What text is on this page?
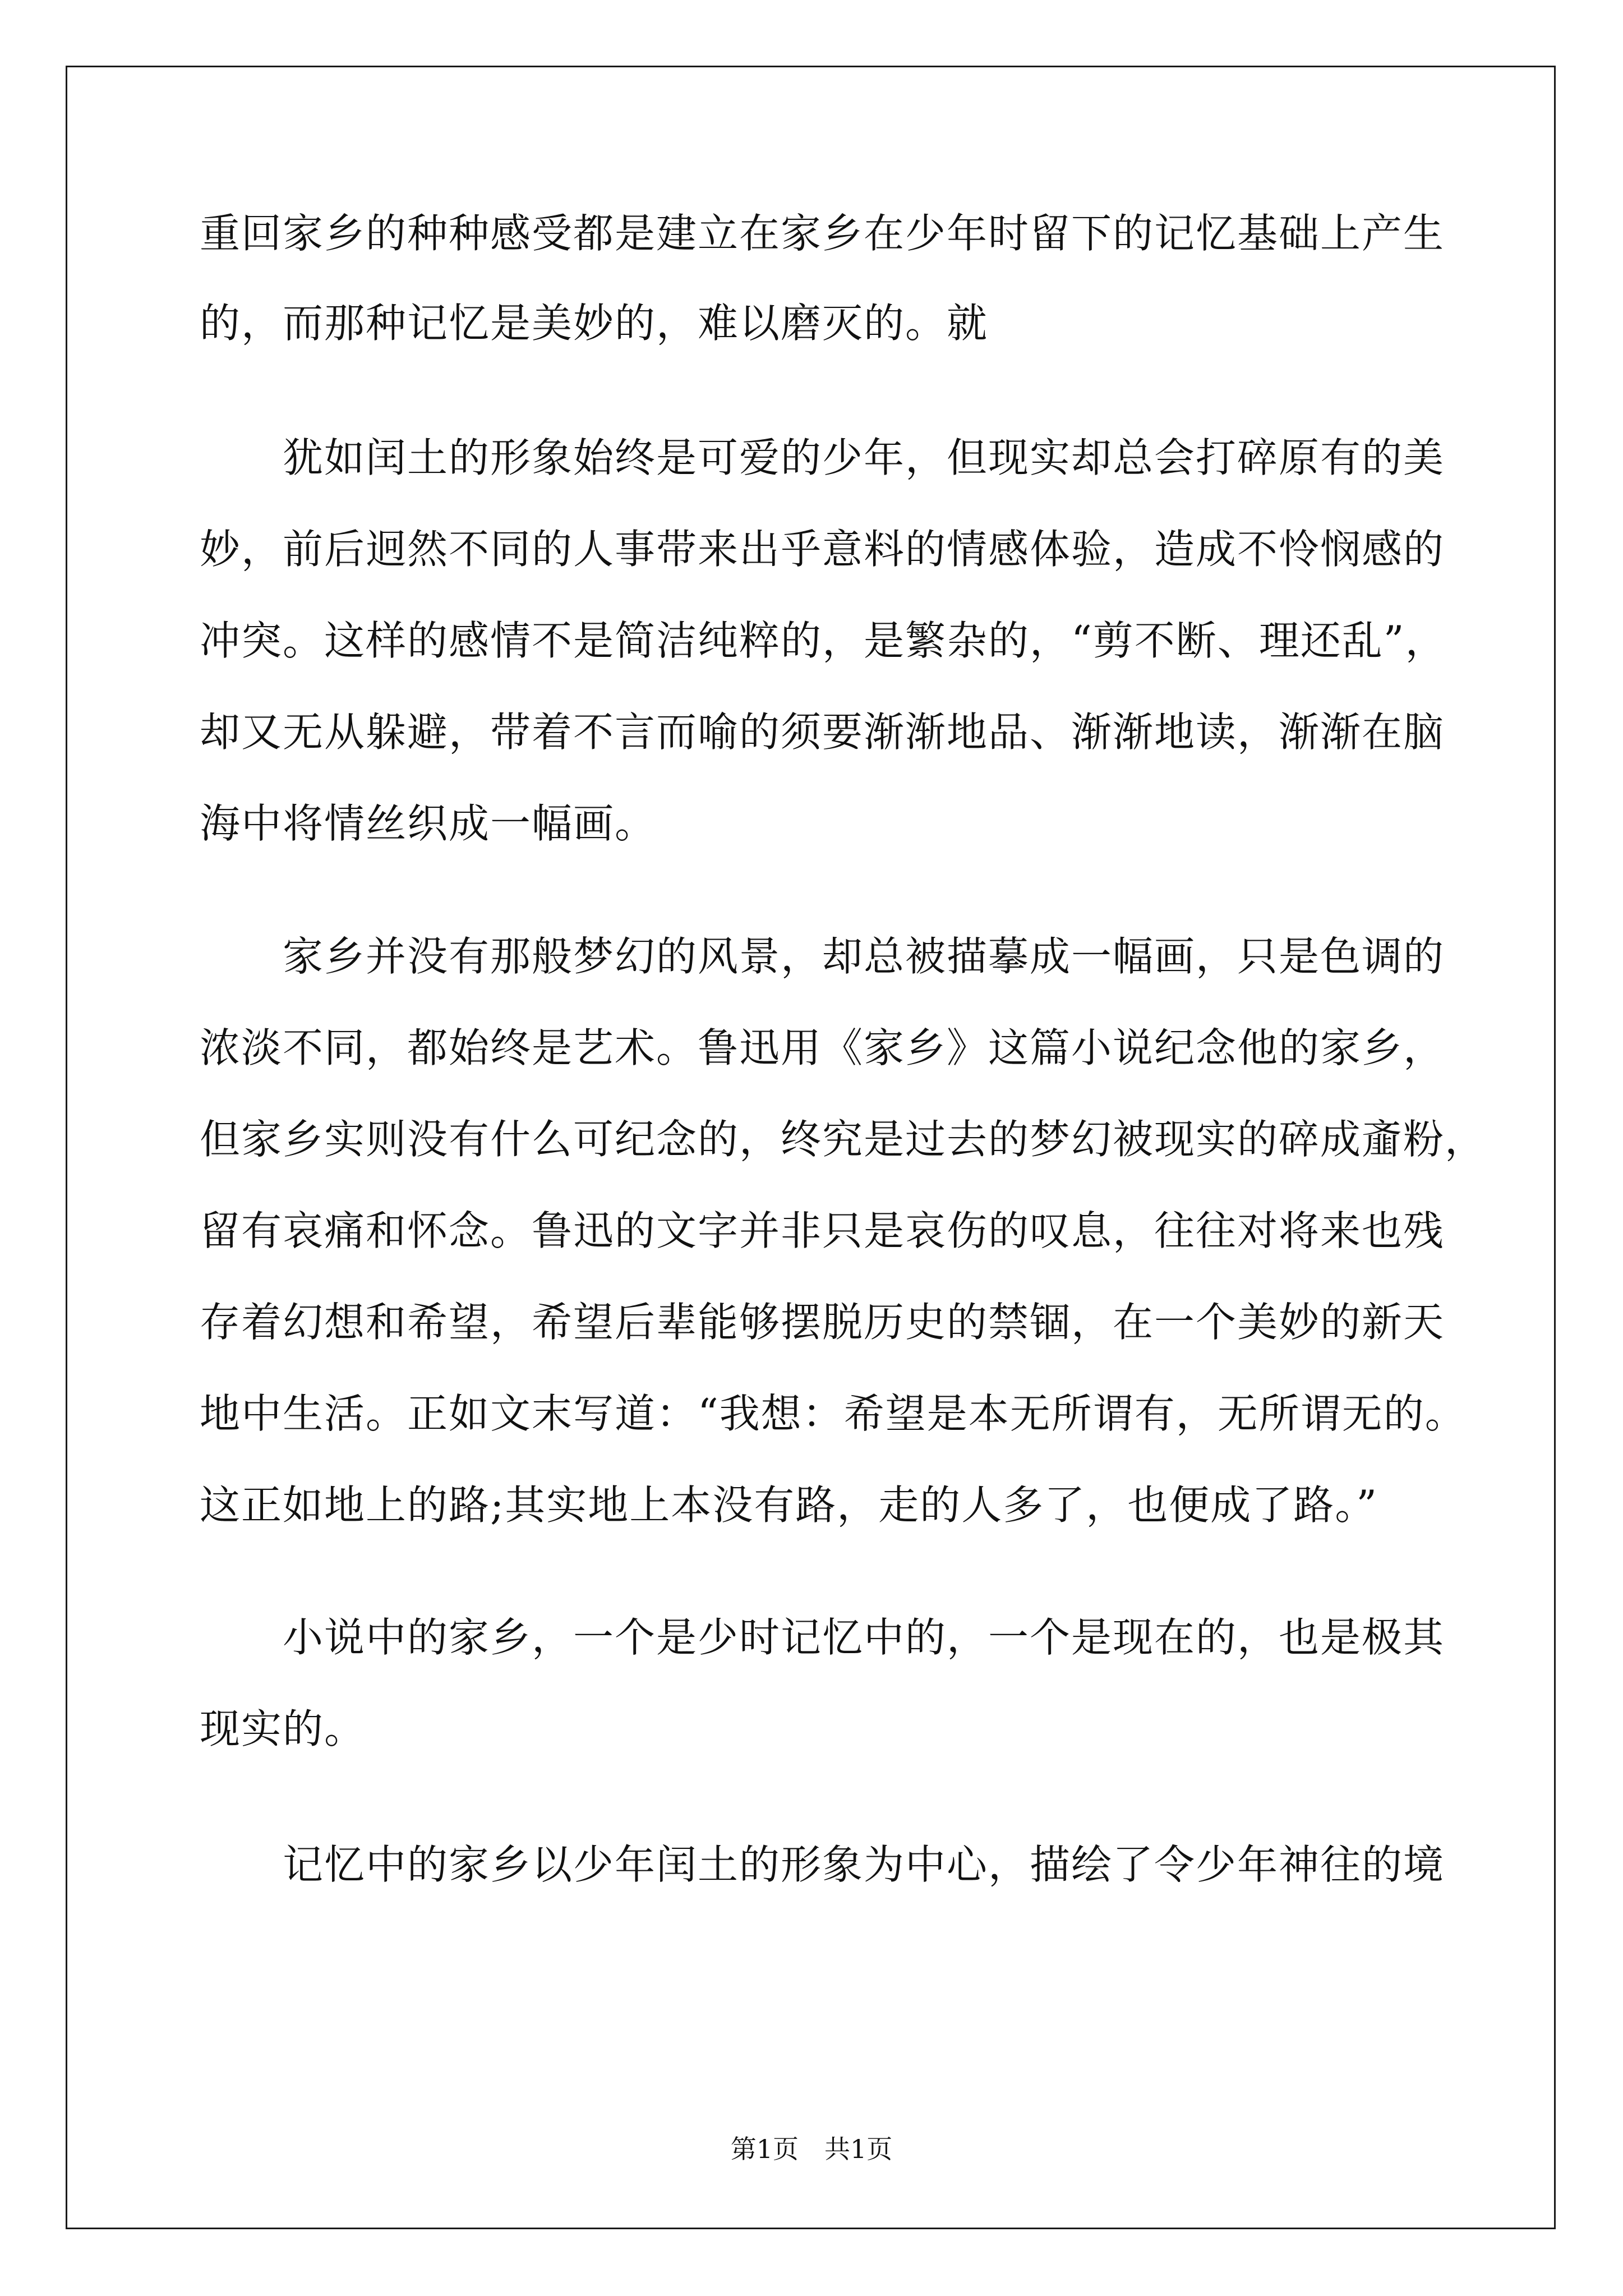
重回家乡的种种感受都是建立在家乡在少年时留下的记忆基础上产生
的，而那种记忆是美妙的，难以磨灭的。就
犹如闰土的形象始终是可爱的少年，但现实却总会打碎原有的美
妙，前后迥然不同的人事带来出乎意料的情感体验，造成不怜悯感的
冲突。这样的感情不是简洁纯粹的，是繁杂的，“剪不断、理还乱”，
却又无从躲避，带着不言而喻的须要渐渐地品、渐渐地读，渐渐在脑
海中将情丝织成一幅画。
家乡并没有那般梦幻的风景，却总被描摹成一幅画，只是色调的
浓淡不同，都始终是艺术。鲁迅用《家乡》这篇小说纪念他的家乡，
但家乡实则没有什么可纪念的，终究是过去的梦幻被现实的碎成齑粉，
留有哀痛和怀念。鲁迅的文字并非只是哀伤的叹息，往往对将来也残
存着幻想和希望，希望后辈能够摆脱历史的禁锢，在一个美妙的新天
地中生活。正如文末写道：“我想：希望是本无所谓有，无所谓无的。
这正如地上的路;其实地上本没有路，走的人多了，也便成了路。”
小说中的家乡，一个是少时记忆中的，一个是现在的，也是极其
现实的。
记忆中的家乡以少年闰土的形象为中心，描绘了令少年神往的境
第1页　共1页
